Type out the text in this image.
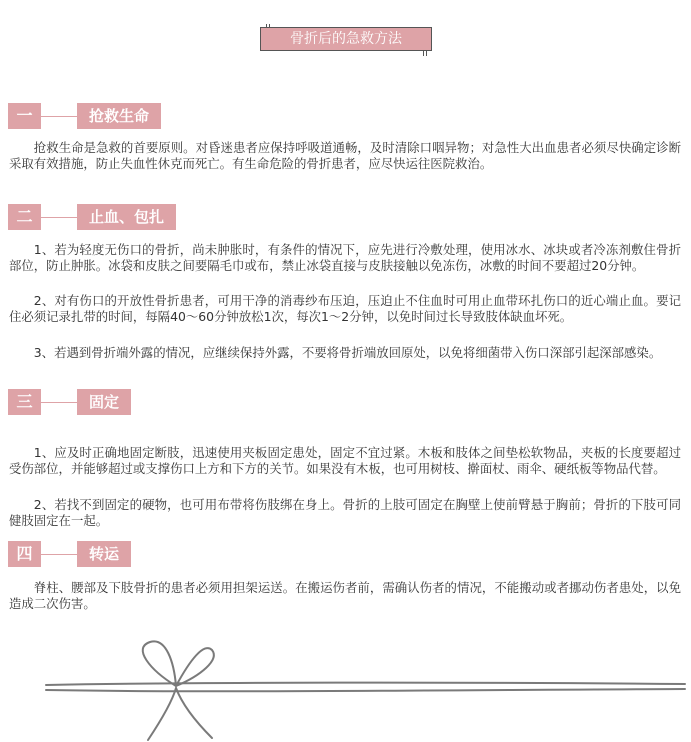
骨折后的急救方法
一	抢救生命

抢救生命是急救的首要原则。对昏迷患者应保持呼吸道通畅，及时清除口咽异物；对急性大出血患者必须尽快确定诊断采取有效措施，防止失血性休克而死亡。有生命危险的骨折患者，应尽快运往医院救治。

二	止血、包扎

1、若为轻度无伤口的骨折，尚未肿胀时，有条件的情况下，应先进行冷敷处理，使用冰水、冰块或者冷冻剂敷住骨折部位，防止肿胀。冰袋和皮肤之间要隔毛巾或布，禁止冰袋直接与皮肤接触以免冻伤，冰敷的时间不要超过20分钟。

2、对有伤口的开放性骨折患者，可用干净的消毒纱布压迫，压迫止不住血时可用止血带环扎伤口的近心端止血。要记住必须记录扎带的时间，每隔40～60分钟放松1次，每次1～2分钟，以免时间过长导致肢体缺血坏死。

3、若遇到骨折端外露的情况，应继续保持外露，不要将骨折端放回原处，以免将细菌带入伤口深部引起深部感染。

三	固定

1、应及时正确地固定断肢，迅速使用夹板固定患处，固定不宜过紧。木板和肢体之间垫松软物品，夹板的长度要超过受伤部位，并能够超过或支撑伤口上方和下方的关节。如果没有木板，也可用树枝、擀面杖、雨伞、硬纸板等物品代替。

2、若找不到固定的硬物，也可用布带将伤肢绑在身上。骨折的上肢可固定在胸壁上使前臂悬于胸前；骨折的下肢可同健肢固定在一起。

四	转运

脊柱、腰部及下肢骨折的患者必须用担架运送。在搬运伤者前，需确认伤者的情况，不能搬动或者挪动伤者患处，以免造成二次伤害。
